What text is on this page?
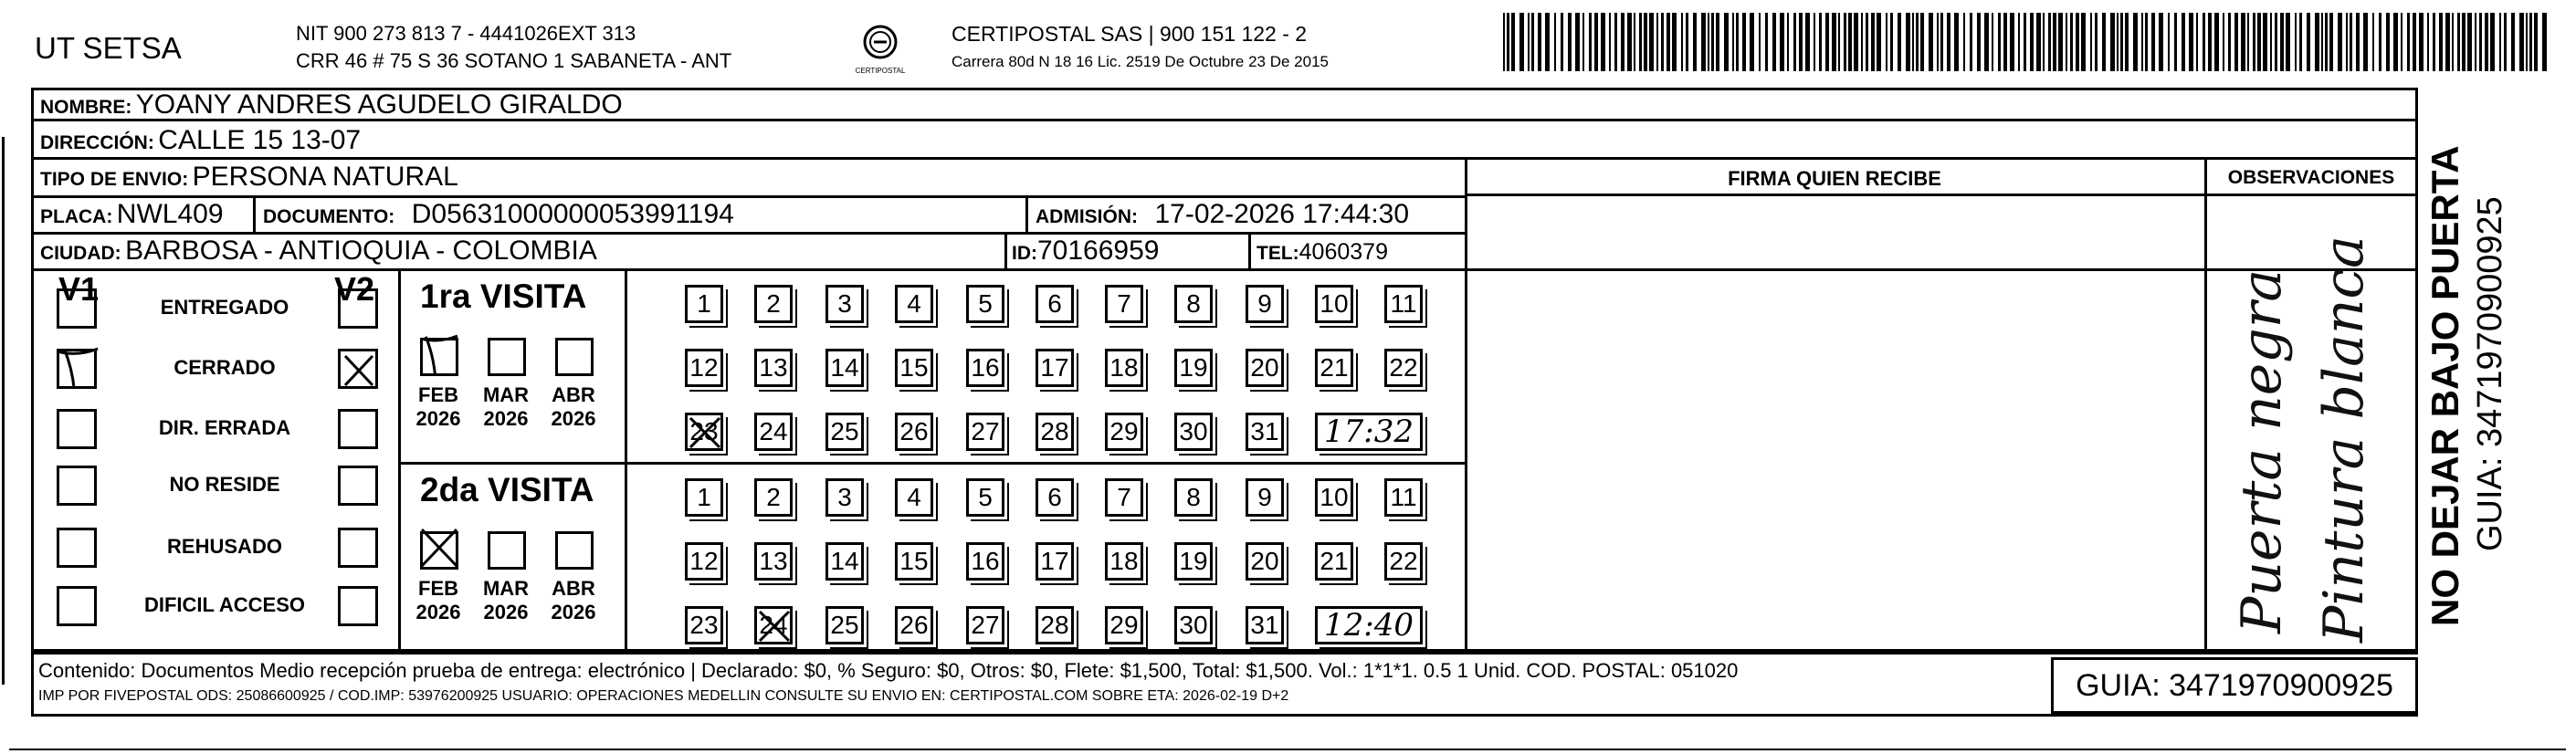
UT SETSA	NIT 900 273 813 7 - 4441026EXT 313
CRR 46 # 75 S 36 SOTANO 1 SABANETA - ANT	CERTIPOSTAL
CERTIPOSTAL SAS | 900 151 122 - 2
Carrera 80d N 18 16 Lic. 2519 De Octubre 23 De 2015
NOMBRE: YOANY ANDRES AGUDELO GIRALDO
DIRECCIÓN: CALLE 15 13-07
TIPO DE ENVIO: PERSONA NATURAL	FIRMA QUIEN RECIBE	OBSERVACIONES
PLACA: NWL409 DOCUMENTO: D05631000000053991194	ADMISIÓN: 17-02-2026 17:44:30
CIUDAD: BARBOSA - ANTIOQUIA - COLOMBIA	ID:70166959	TEL:4060379
V1	V2
ENTREGADO
CERRADO
DIR. ERRADA
NO RESIDE
REHUSADO
DIFICIL ACCESO
1ra VISITA
FEB
2026
MAR
2026
ABR
2026
1	2	3	4	5	6	7	8	9	10 11
12 13 14 15 16 17 18 19 20 21 22
23 24 25 26 27 28 29 30 31 17:32
2da VISITA
FEB
2026
MAR
2026
ABR
2026
1	2	3	4	5	6	7	8	9	10 11
12 13 14 15 16 17 18 19 20 21 22
23 24 25 26 27 28 29 30 31 12:40	Puerta negra Pintura blanca
Contenido: Documentos Medio recepción prueba de entrega: electrónico | Declarado: $0, % Seguro: $0, Otros: $0, Flete: $1,500, Total: $1,500. Vol.: 1*1*1. 0.5 1 Unid. COD. POSTAL: 051020
IMP POR FIVEPOSTAL ODS: 25086600925 / COD.IMP: 53976200925 USUARIO: OPERACIONES MEDELLIN CONSULTE SU ENVIO EN: CERTIPOSTAL.COM SOBRE ETA: 2026-02-19 D+2	GUIA: 3471970900925
NO DEJAR BAJO PUERTA GUIA: 3471970900925
